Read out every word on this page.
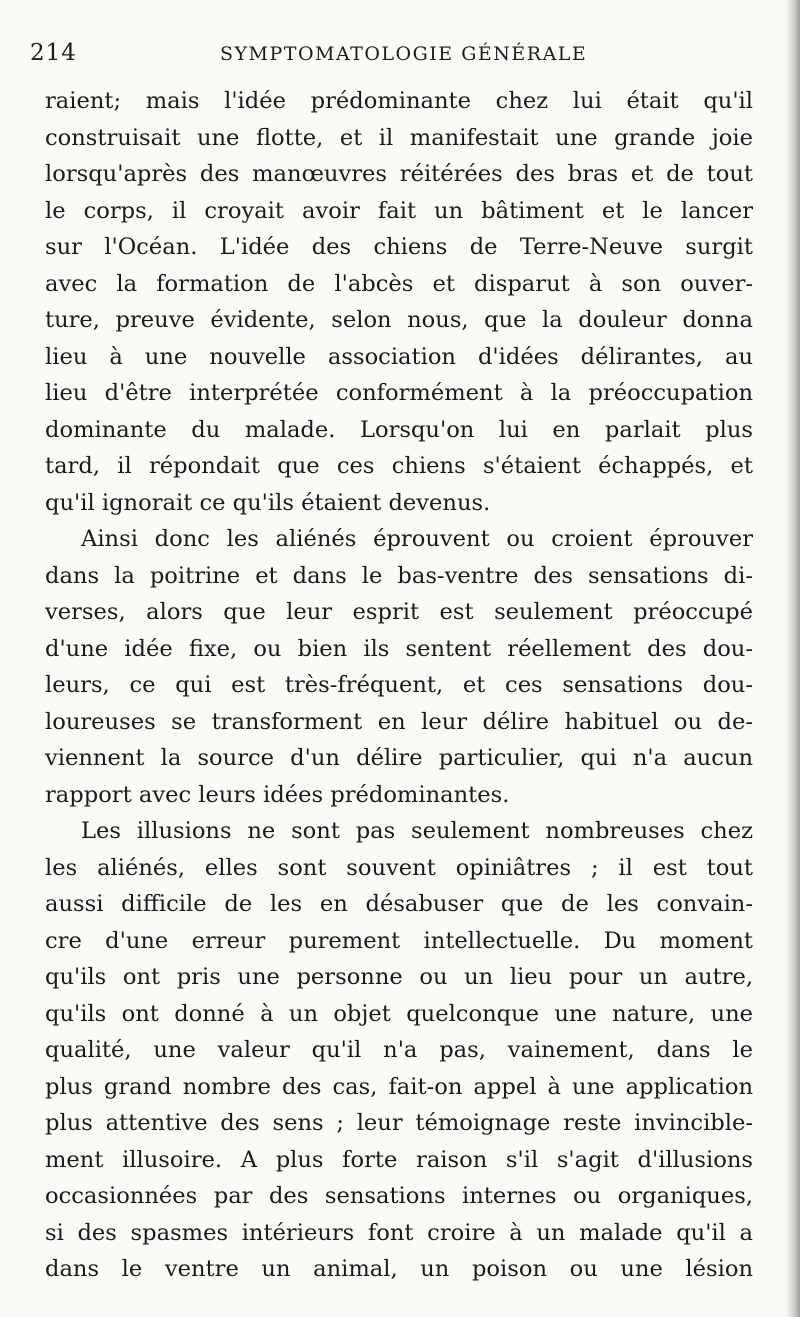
214	SYMPTOMATOLOGIE GÉNÉRALE
raient; mais l'idée prédominante chez lui était qu'il
construisait une flotte, et il manifestait une grande joie
lorsqu'après des manœuvres réitérées des bras et de tout
le corps, il croyait avoir fait un bâtiment et le lancer
sur l'Océan. L'idée des chiens de Terre-Neuve surgit
avec la formation de l'abcès et disparut à son ouver-
ture, preuve évidente, selon nous, que la douleur donna
lieu à une nouvelle association d'idées délirantes, au
lieu d'être interprétée conformément à la préoccupation
dominante du malade. Lorsqu'on lui en parlait plus
tard, il répondait que ces chiens s'étaient échappés, et
qu'il ignorait ce qu'ils étaient devenus.
Ainsi donc les aliénés éprouvent ou croient éprouver
dans la poitrine et dans le bas-ventre des sensations di-
verses, alors que leur esprit est seulement préoccupé
d'une idée fixe, ou bien ils sentent réellement des dou-
leurs, ce qui est très-fréquent, et ces sensations dou-
loureuses se transforment en leur délire habituel ou de-
viennent la source d'un délire particulier, qui n'a aucun
rapport avec leurs idées prédominantes.
Les illusions ne sont pas seulement nombreuses chez
les aliénés, elles sont souvent opiniâtres ; il est tout
aussi difficile de les en désabuser que de les convain-
cre d'une erreur purement intellectuelle. Du moment
qu'ils ont pris une personne ou un lieu pour un autre,
qu'ils ont donné à un objet quelconque une nature, une
qualité, une valeur qu'il n'a pas, vainement, dans le
plus grand nombre des cas, fait-on appel à une application
plus attentive des sens ; leur témoignage reste invincible-
ment illusoire. A plus forte raison s'il s'agit d'illusions
occasionnées par des sensations internes ou organiques,
si des spasmes intérieurs font croire à un malade qu'il a
dans le ventre un animal, un poison ou une lésion
